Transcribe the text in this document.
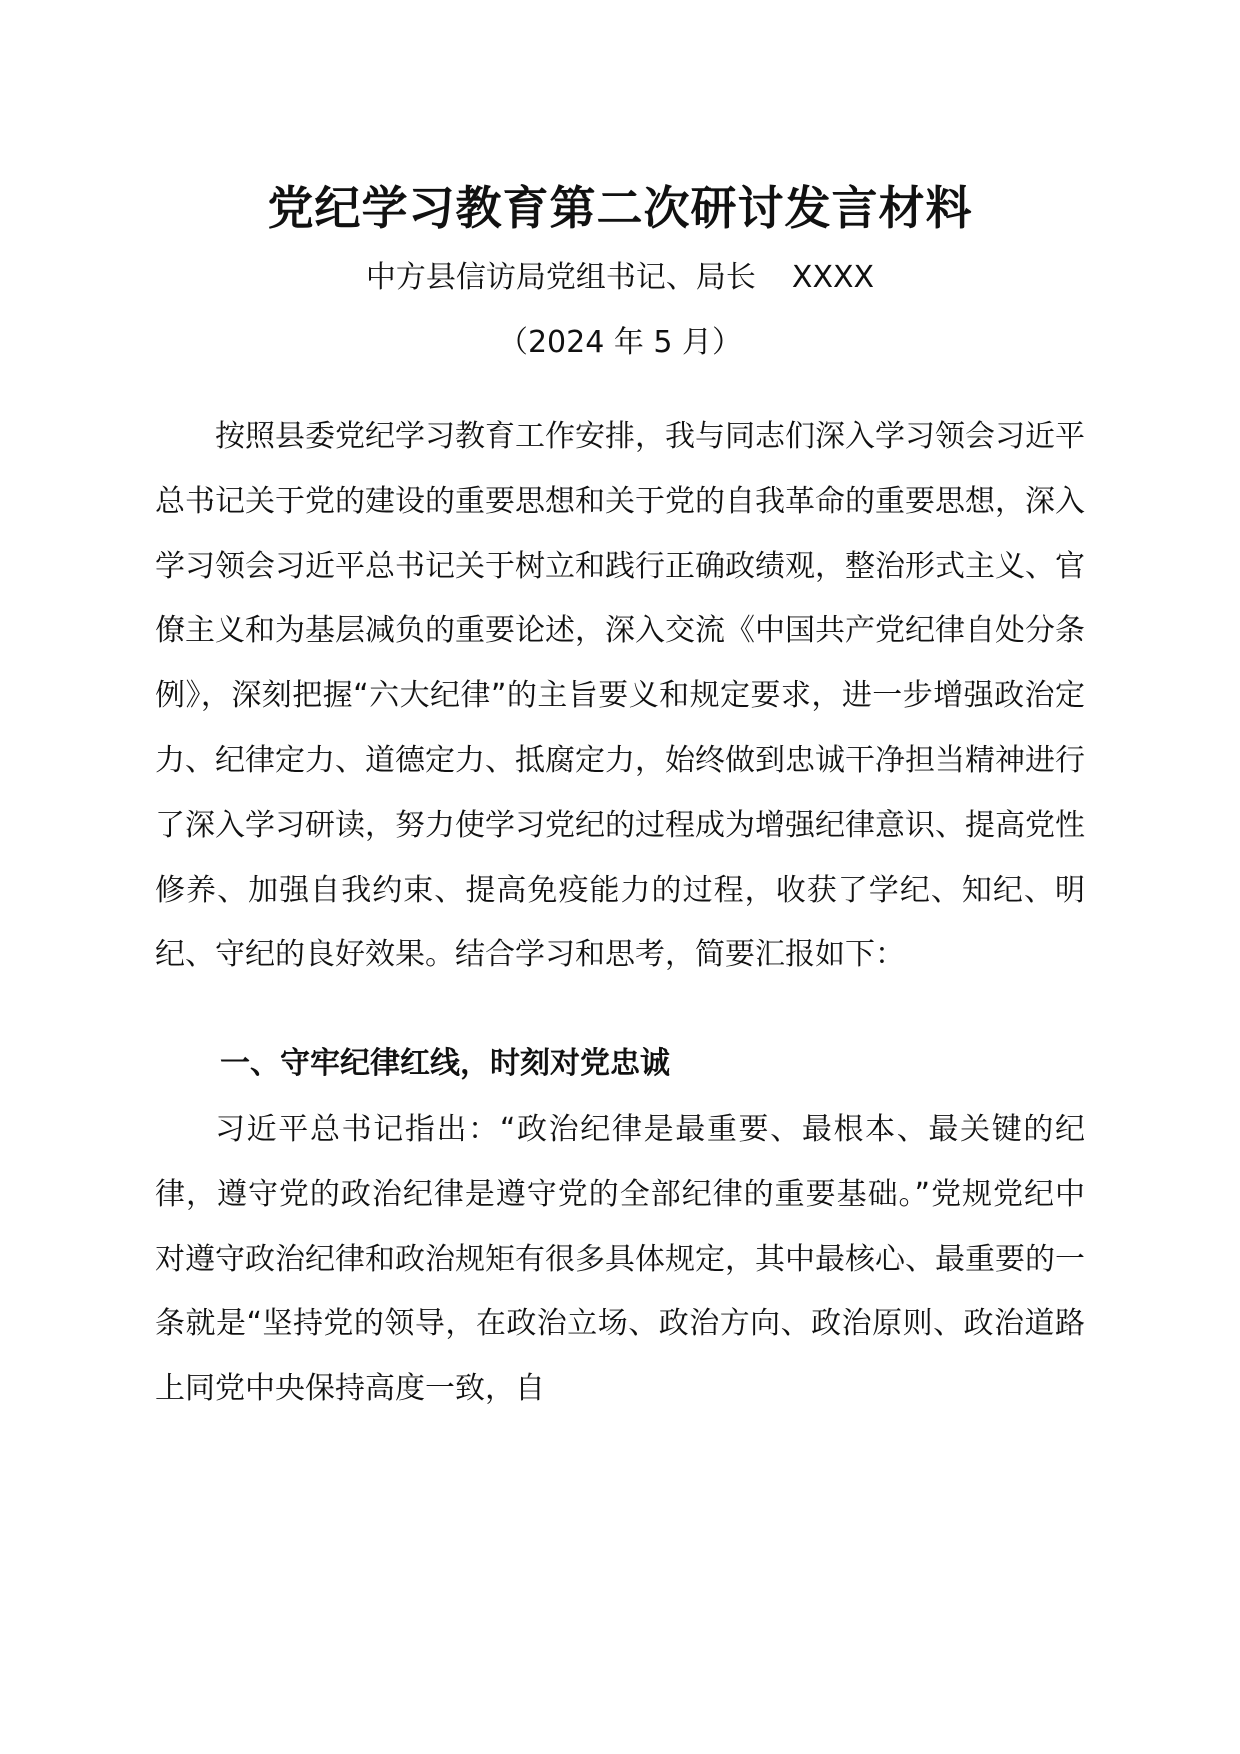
党纪学习教育第二次研讨发言材料

中方县信访局党组书记、局长 XXXX

（2024 年 5 月）

按照县委党纪学习教育工作安排，我与同志们深入学习领会习近平总书记关于党的建设的重要思想和关于党的自我革命的重要思想，深入学习领会习近平总书记关于树立和践行正确政绩观，整治形式主义、官僚主义和为基层减负的重要论述，深入交流《中国共产党纪律自处分条例》，深刻把握“六大纪律”的主旨要义和规定要求，进一步增强政治定力、纪律定力、道德定力、抵腐定力，始终做到忠诚干净担当精神进行了深入学习研读，努力使学习党纪的过程成为增强纪律意识、提高党性修养、加强自我约束、提高免疫能力的过程，收获了学纪、知纪、明纪、守纪的良好效果。结合学习和思考，简要汇报如下：

一、守牢纪律红线，时刻对党忠诚

习近平总书记指出：“政治纪律是最重要、最根本、最关键的纪律，遵守党的政治纪律是遵守党的全部纪律的重要基础。”党规党纪中对遵守政治纪律和政治规矩有很多具体规定，其中最核心、最重要的一条就是“坚持党的领导，在政治立场、政治方向、政治原则、政治道路上同党中央保持高度一致，自
